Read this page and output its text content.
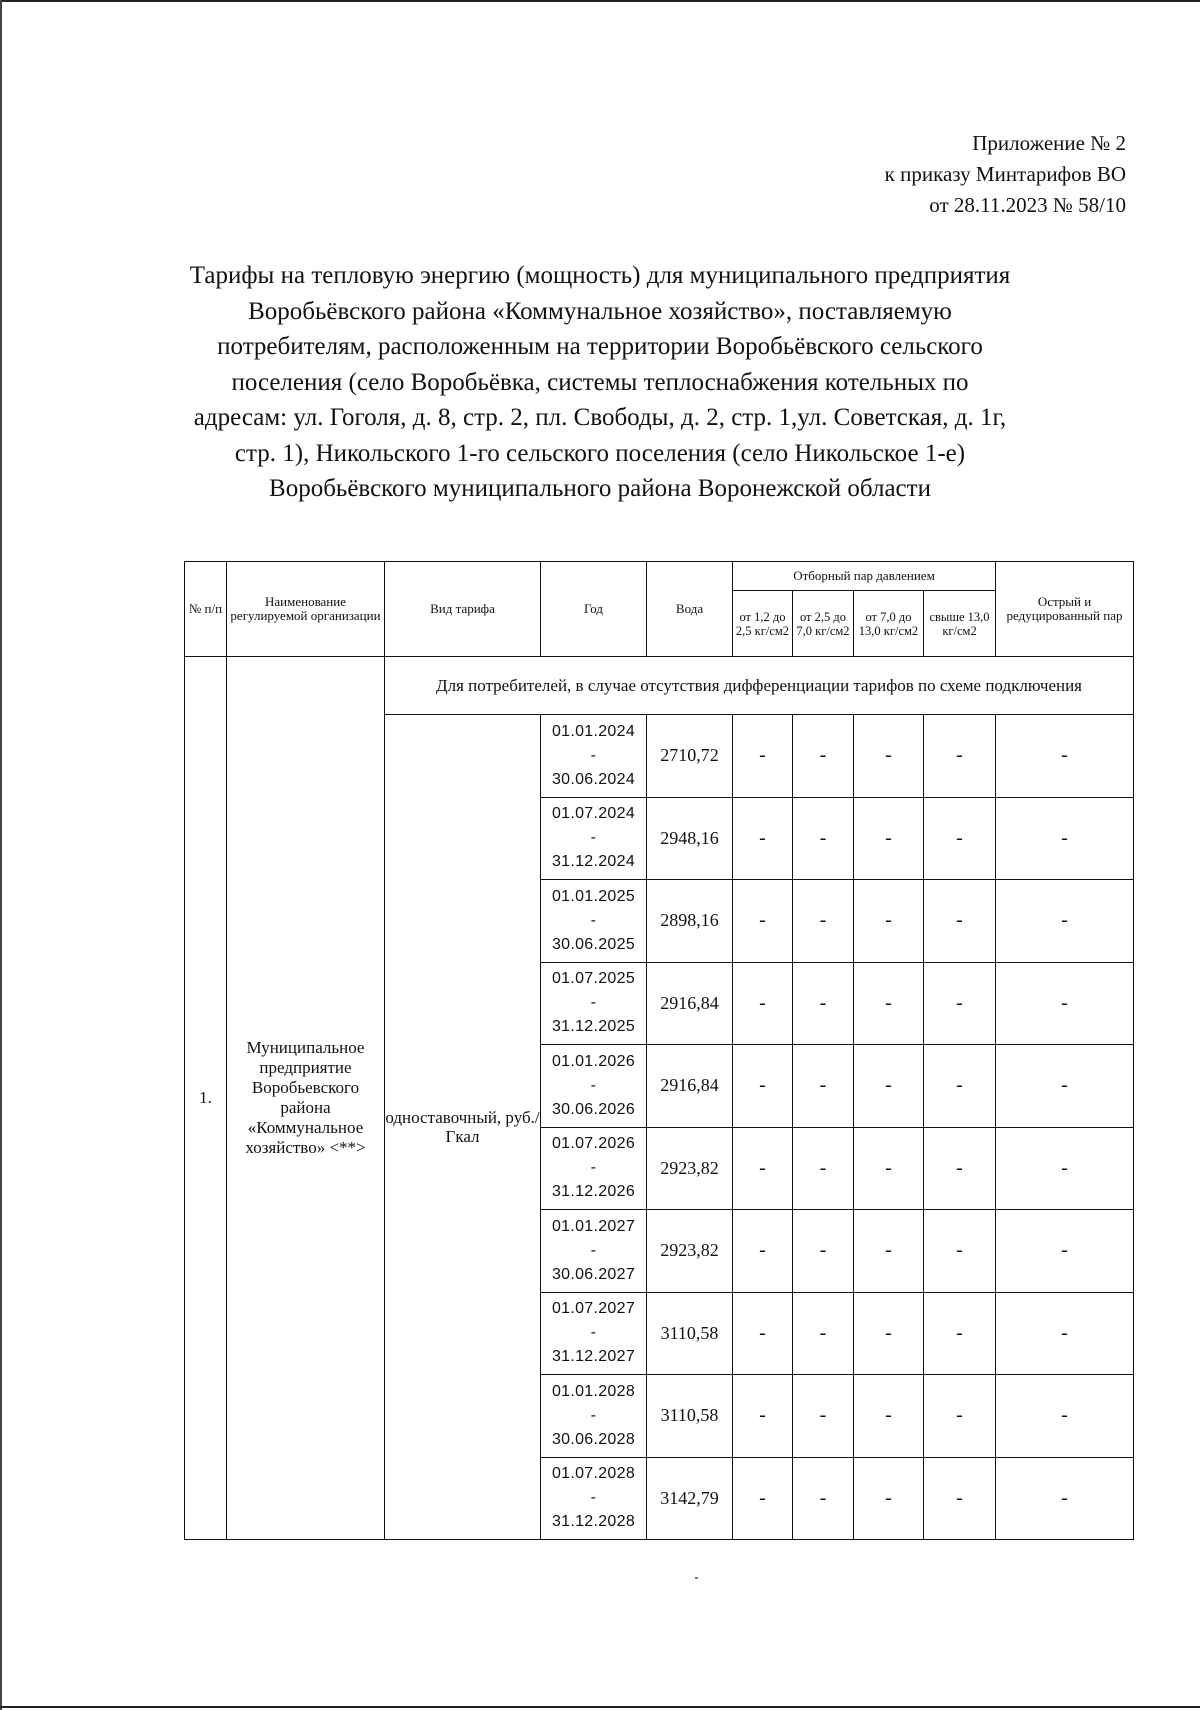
Приложение № 2
к приказу Минтарифов ВО
от 28.11.2023 № 58/10
Тарифы на тепловую энергию (мощность) для муниципального предприятия
Воробьёвского района «Коммунальное хозяйство», поставляемую
потребителям, расположенным на территории Воробьёвского сельского
поселения (село Воробьёвка, системы теплоснабжения котельных по
адресам: ул. Гоголя, д. 8, стр. 2, пл. Свободы, д. 2, стр. 1,ул. Советская, д. 1г,
стр. 1), Никольского 1-го сельского поселения (село Никольское 1-е)
Воробьёвского муниципального района Воронежской области
№ п/п	Наименование регулируемой организации	Вид тарифа	Год	Вода	Отборный пар давлением				Острый и редуцированный пар
					от 1,2 до 2,5 кг/см2	от 2,5 до 7,0 кг/см2	от 7,0 до 13,0 кг/см2	свыше 13,0 кг/см2	
1.	Муниципальное предприятие Воробьевского района «Коммунальное хозяйство» <**>	Для потребителей, в случае отсутствия дифференциации тарифов по схеме подключения							
		одноставочный, руб./Гкал	01.01.2024
-
30.06.2024	2710,72	-	-	-	-	-

			01.07.2024
-
31.12.2024	2948,16	-	-	-	-	-

			01.01.2025
-
30.06.2025	2898,16	-	-	-	-	-

			01.07.2025
-
31.12.2025	2916,84	-	-	-	-	-

			01.01.2026
-
30.06.2026	2916,84	-	-	-	-	-

			01.07.2026
-
31.12.2026	2923,82	-	-	-	-	-

			01.01.2027
-
30.06.2027	2923,82	-	-	-	-	-

			01.07.2027
-
31.12.2027	3110,58	-	-	-	-	-

			01.01.2028
-
30.06.2028	3110,58	-	-	-	-	-

			01.07.2028
-
31.12.2028	3142,79	-	-	-	-	-
